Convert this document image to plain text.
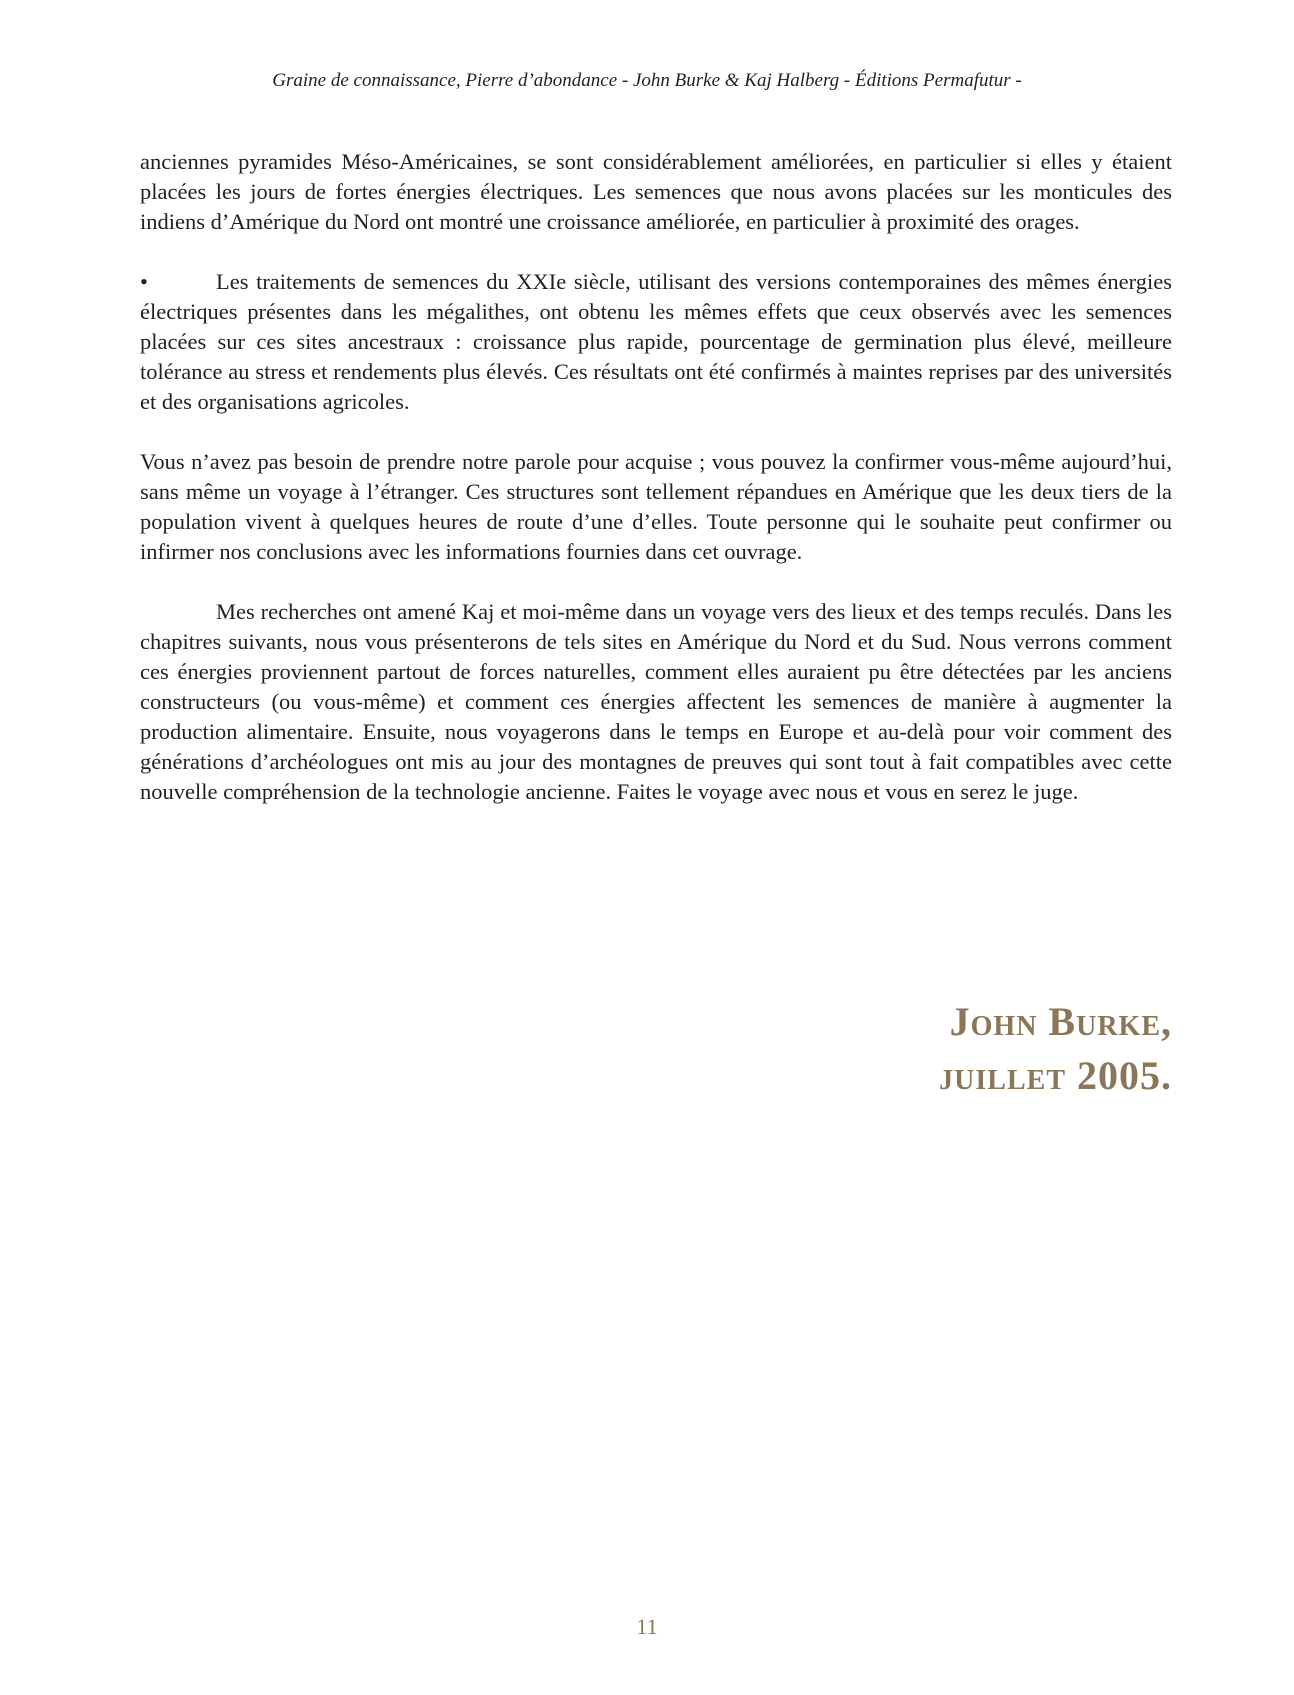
Graine de connaissance, Pierre d’abondance - John Burke & Kaj Halberg - Éditions Permafutur -

anciennes pyramides Méso-Américaines, se sont considérablement améliorées, en particulier si elles y étaient placées les jours de fortes énergies électriques. Les semences que nous avons placées sur les monticules des indiens d’Amérique du Nord ont montré une croissance améliorée, en particulier à proximité des orages.

•	Les traitements de semences du XXIe siècle, utilisant des versions contemporaines des mêmes énergies électriques présentes dans les mégalithes, ont obtenu les mêmes effets que ceux observés avec les semences placées sur ces sites ancestraux : croissance plus rapide, pourcentage de germination plus élevé, meilleure tolérance au stress et rendements plus élevés. Ces résultats ont été confirmés à maintes reprises par des universités et des organisations agricoles.

Vous n’avez pas besoin de prendre notre parole pour acquise ; vous pouvez la confirmer vous-même aujourd’hui, sans même un voyage à l’étranger. Ces structures sont tellement répandues en Amérique que les deux tiers de la population vivent à quelques heures de route d’une d’elles. Toute personne qui le souhaite peut confirmer ou infirmer nos conclusions avec les informations fournies dans cet ouvrage.

Mes recherches ont amené Kaj et moi-même dans un voyage vers des lieux et des temps reculés. Dans les chapitres suivants, nous vous présenterons de tels sites en Amérique du Nord et du Sud. Nous verrons comment ces énergies proviennent partout de forces naturelles, comment elles auraient pu être détectées par les anciens constructeurs (ou vous-même) et comment ces énergies affectent les semences de manière à augmenter la production alimentaire. Ensuite, nous voyagerons dans le temps en Europe et au-delà pour voir comment des générations d’archéologues ont mis au jour des montagnes de preuves qui sont tout à fait compatibles avec cette nouvelle compréhension de la technologie ancienne. Faites le voyage avec nous et vous en serez le juge.

John Burke,
juillet 2005.
11
